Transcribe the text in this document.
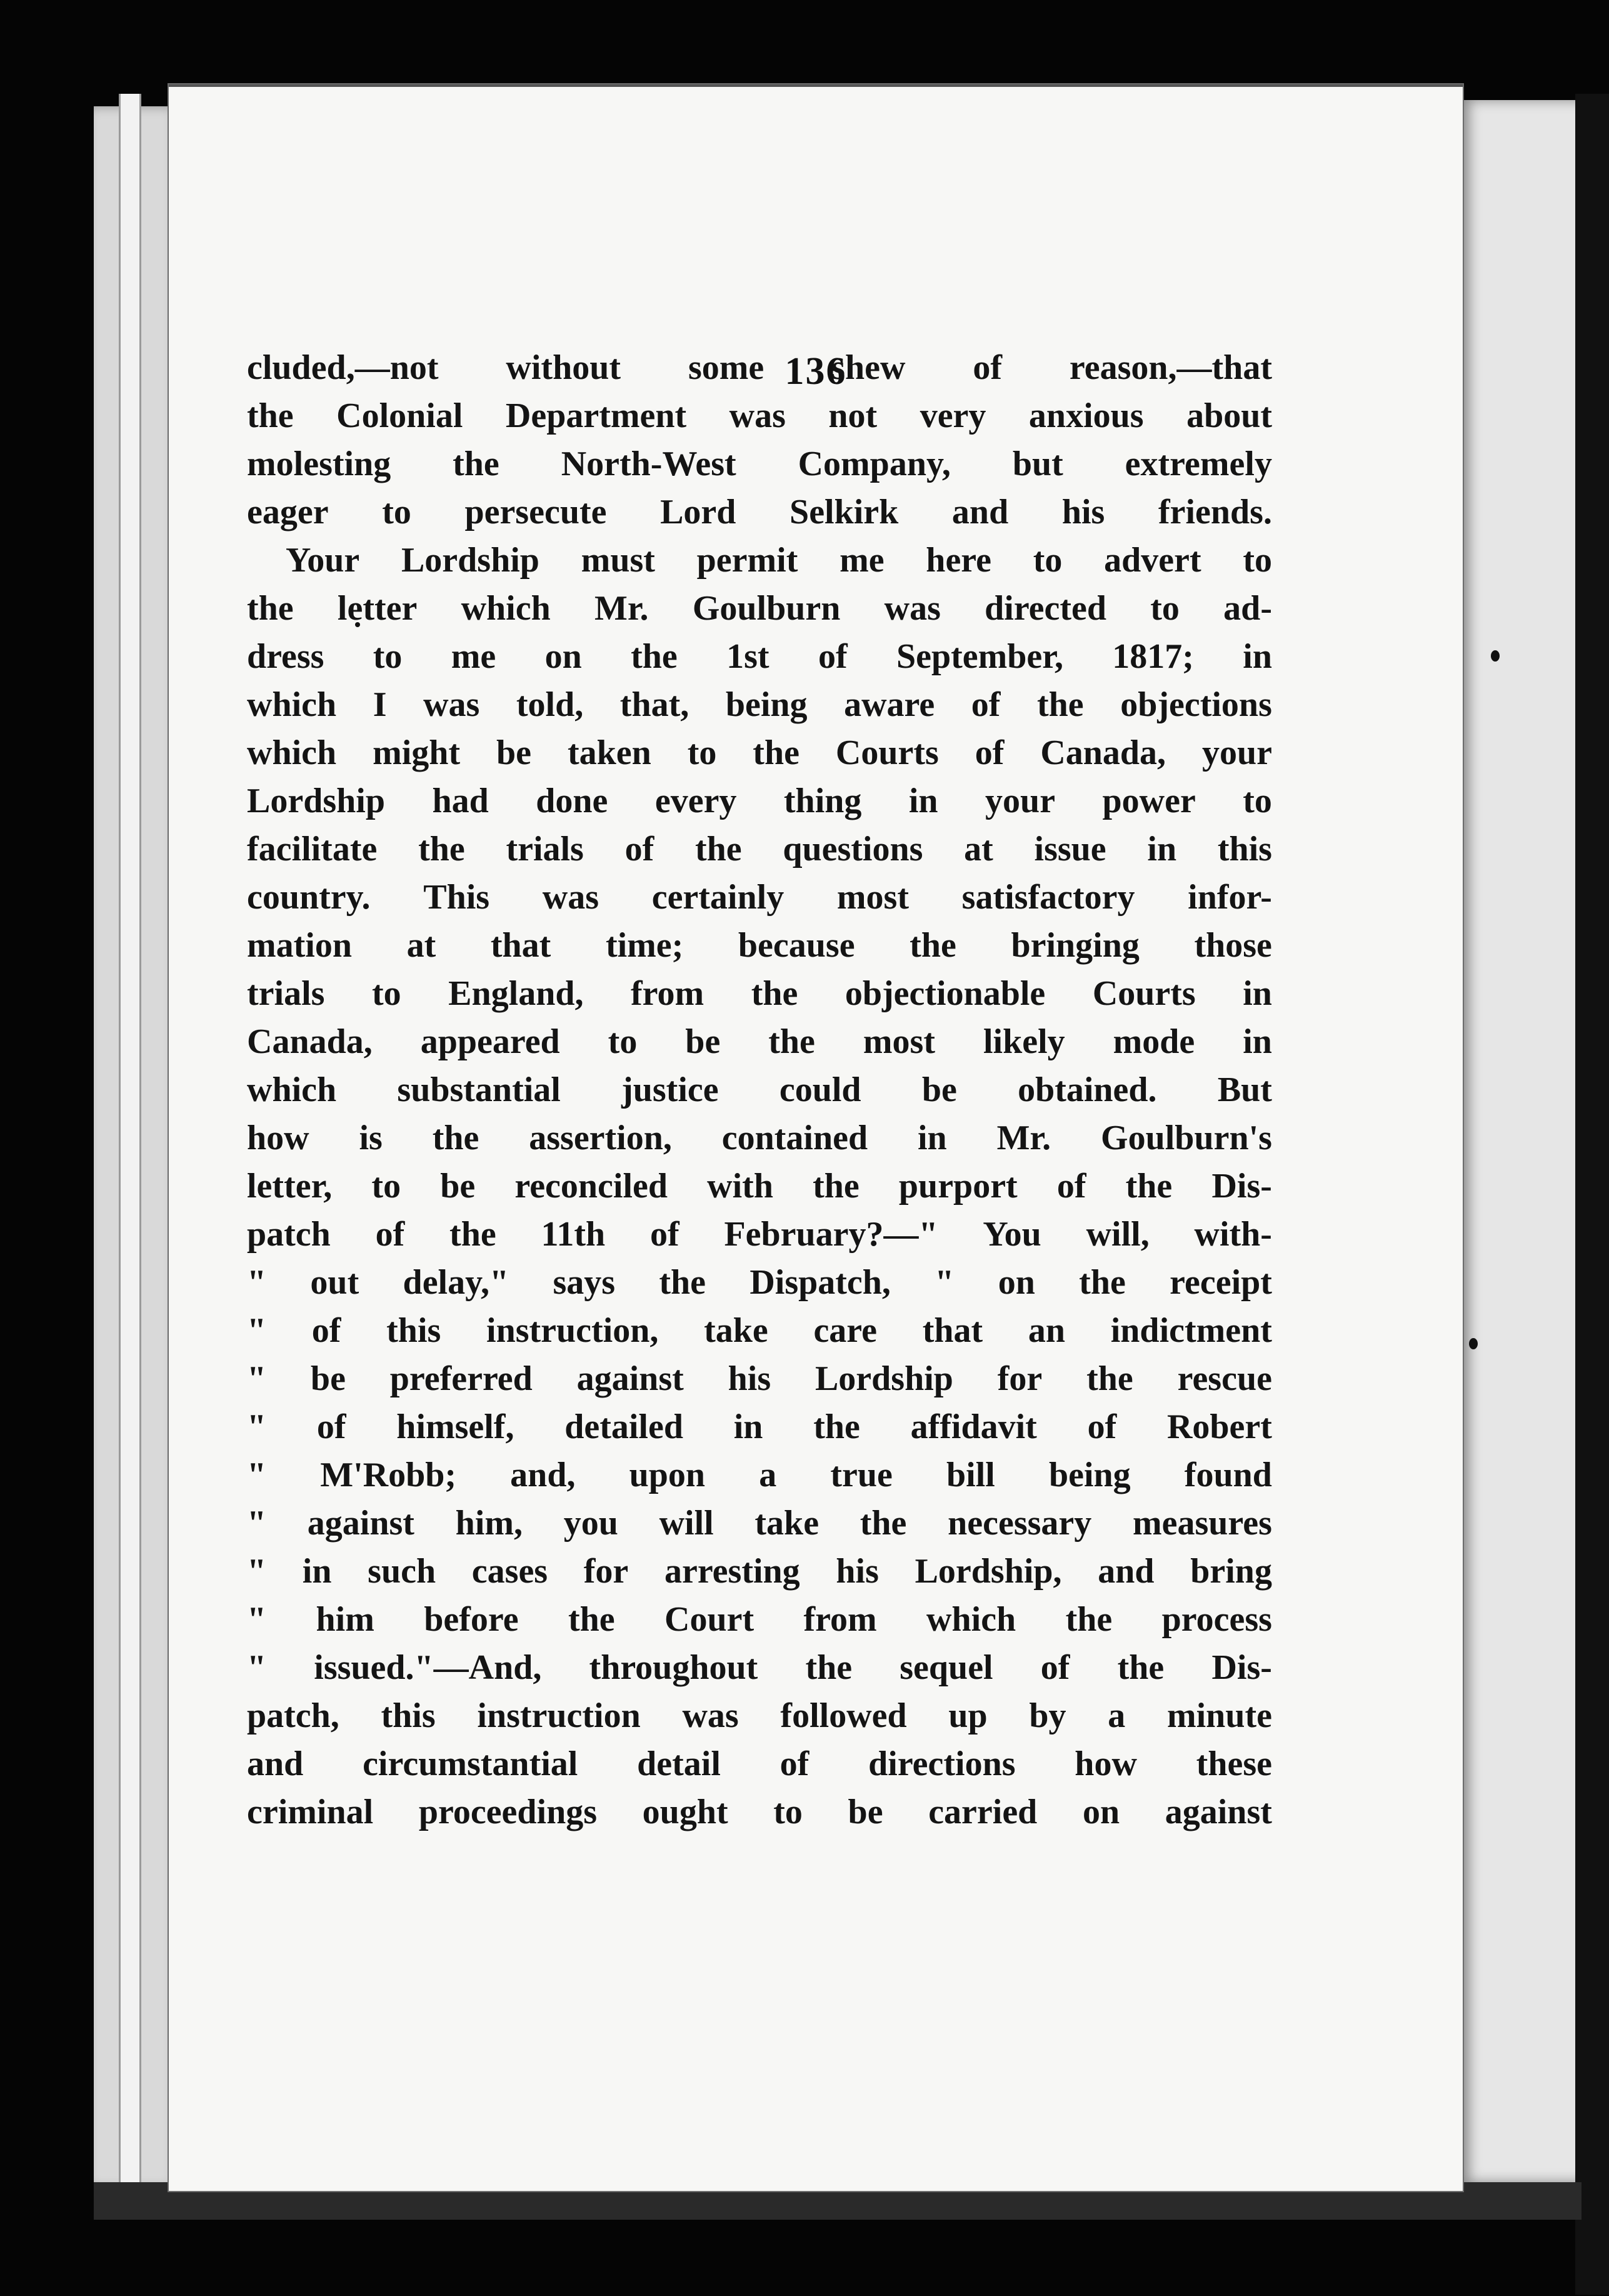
136
cluded,—not without some shew of reason,—that
the Colonial Department was not very anxious about
molesting the North-West Company, but extremely
eager to persecute Lord Selkirk and his friends.
Your Lordship must permit me here to advert to
the letter which Mr. Goulburn was directed to ad-
dress to me on the 1st of September, 1817; in
which I was told, that, being aware of the objections
which might be taken to the Courts of Canada, your
Lordship had done every thing in your power to
facilitate the trials of the questions at issue in this
country. This was certainly most satisfactory infor-
mation at that time; because the bringing those
trials to England, from the objectionable Courts in
Canada, appeared to be the most likely mode in
which substantial justice could be obtained. But
how is the assertion, contained in Mr. Goulburn's
letter, to be reconciled with the purport of the Dis-
patch of the 11th of February?—" You will, with-
" out delay," says the Dispatch, " on the receipt
" of this instruction, take care that an indictment
" be preferred against his Lordship for the rescue
" of himself, detailed in the affidavit of Robert
" M'Robb; and, upon a true bill being found
" against him, you will take the necessary measures
" in such cases for arresting his Lordship, and bring
" him before the Court from which the process
" issued."—And, throughout the sequel of the Dis-
patch, this instruction was followed up by a minute
and circumstantial detail of directions how these
criminal proceedings ought to be carried on against
